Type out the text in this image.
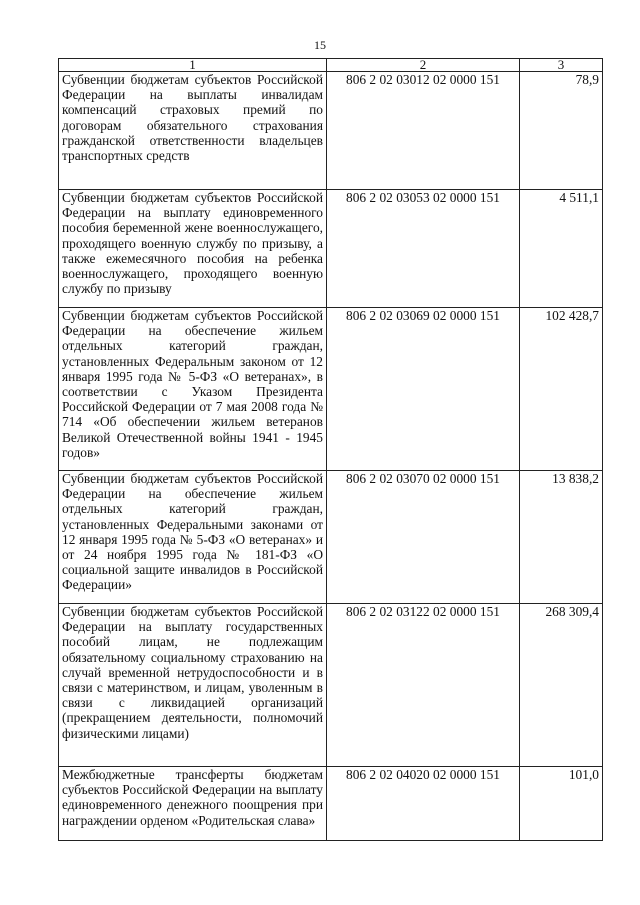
15
1	2	3
Субвенции бюджетам субъектов Российской Федерации на выплаты инвалидам компенсаций страховых премий по договорам обязательного страхования гражданской ответственности владельцев транспортных средств	806 2 02 03012 02 0000 151	78,9
Субвенции бюджетам субъектов Российской Федерации на выплату единовременного пособия беременной жене военнослужащего, проходящего военную службу по призыву, а также ежемесячного пособия на ребенка военнослужащего, проходящего военную службу по призыву	806 2 02 03053 02 0000 151	4 511,1
Субвенции бюджетам субъектов Российской Федерации на обеспечение жильем отдельных категорий граждан, установленных Федеральным законом от 12 января 1995 года № 5-ФЗ «О ветеранах», в соответствии с Указом Президента Российской Федерации от 7 мая 2008 года № 714 «Об обеспечении жильем ветеранов Великой Отечественной войны 1941 - 1945 годов»	806 2 02 03069 02 0000 151	102 428,7
Субвенции бюджетам субъектов Российской Федерации на обеспечение жильем отдельных категорий граждан, установленных Федеральными законами от 12 января 1995 года № 5-ФЗ «О ветеранах» и от 24 ноября 1995 года № 181-ФЗ «О социальной защите инвалидов в Российской Федерации»	806 2 02 03070 02 0000 151	13 838,2
Субвенции бюджетам субъектов Российской Федерации на выплату государственных пособий лицам, не подлежащим обязательному социальному страхованию на случай временной нетрудоспособности и в связи с материнством, и лицам, уволенным в связи с ликвидацией организаций (прекращением деятельности, полномочий физическими лицами)	806 2 02 03122 02 0000 151	268 309,4
Межбюджетные трансферты бюджетам субъектов Российской Федерации на выплату единовременного денежного поощрения при награждении орденом «Родительская слава»	806 2 02 04020 02 0000 151	101,0
